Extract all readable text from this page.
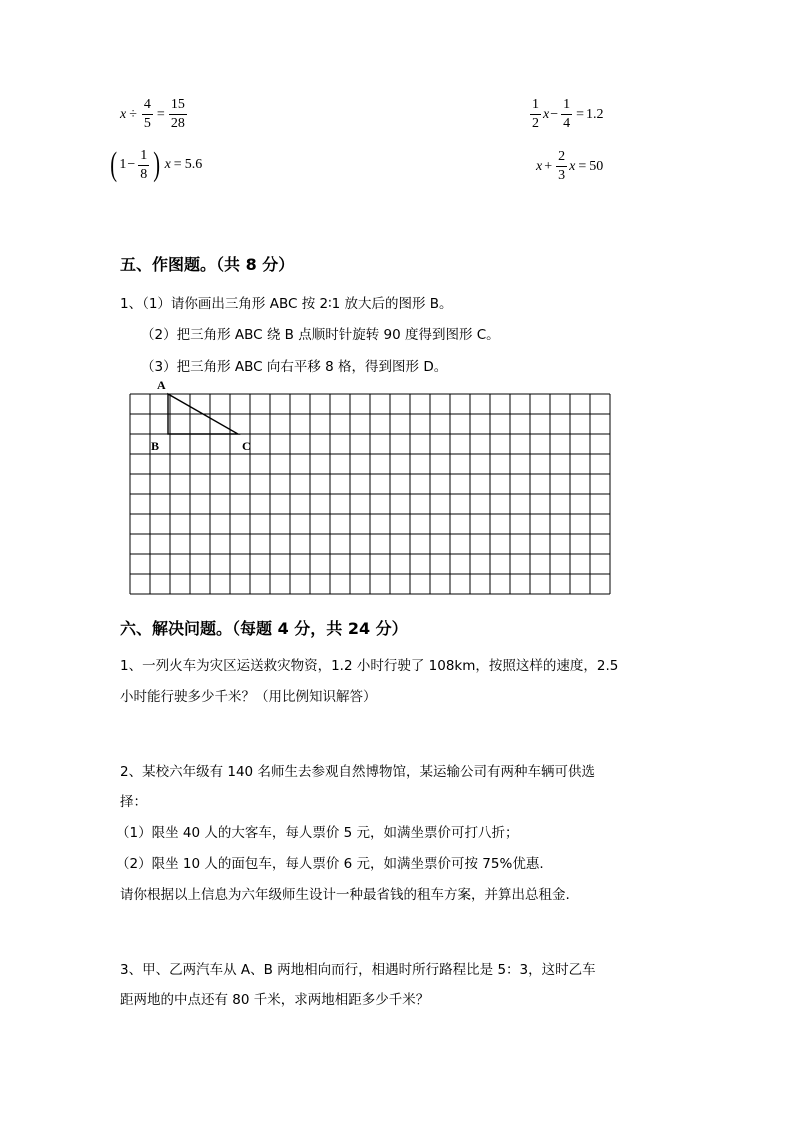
$x \div \frac{4}{5} = \frac{15}{28}$
( $1 - \frac{1}{8}$ ) x = 5.6
$\frac{1}{2}$ $x - \frac{1}{4} = 1.2$
$x + \frac{2}{3}$ x = 50
五、作图题。（共 8 分）
1、（1）请你画出三角形 ABC 按 2∶1 放大后的图形 B。
（2）把三角形 ABC 绕 B 点顺时针旋转 90 度得到图形 C。
（3）把三角形 ABC 向右平移 8 格，得到图形 D。
A
B	C
六、解决问题。（每题 4 分，共 24 分）
1、一列火车为灾区运送救灾物资，1.2 小时行驶了 108km，按照这样的速度，2.5
小时能行驶多少千米？（用比例知识解答）
2、某校六年级有 140 名师生去参观自然博物馆，某运输公司有两种车辆可供选
择：
（1）限坐 40 人的大客车，每人票价 5 元，如满坐票价可打八折；
（2）限坐 10 人的面包车，每人票价 6 元，如满坐票价可按 75%优惠.
请你根据以上信息为六年级师生设计一种最省钱的租车方案，并算出总租金.
3、甲、乙两汽车从 A、B 两地相向而行，相遇时所行路程比是 5：3，这时乙车
距两地的中点还有 80 千米，求两地相距多少千米？
